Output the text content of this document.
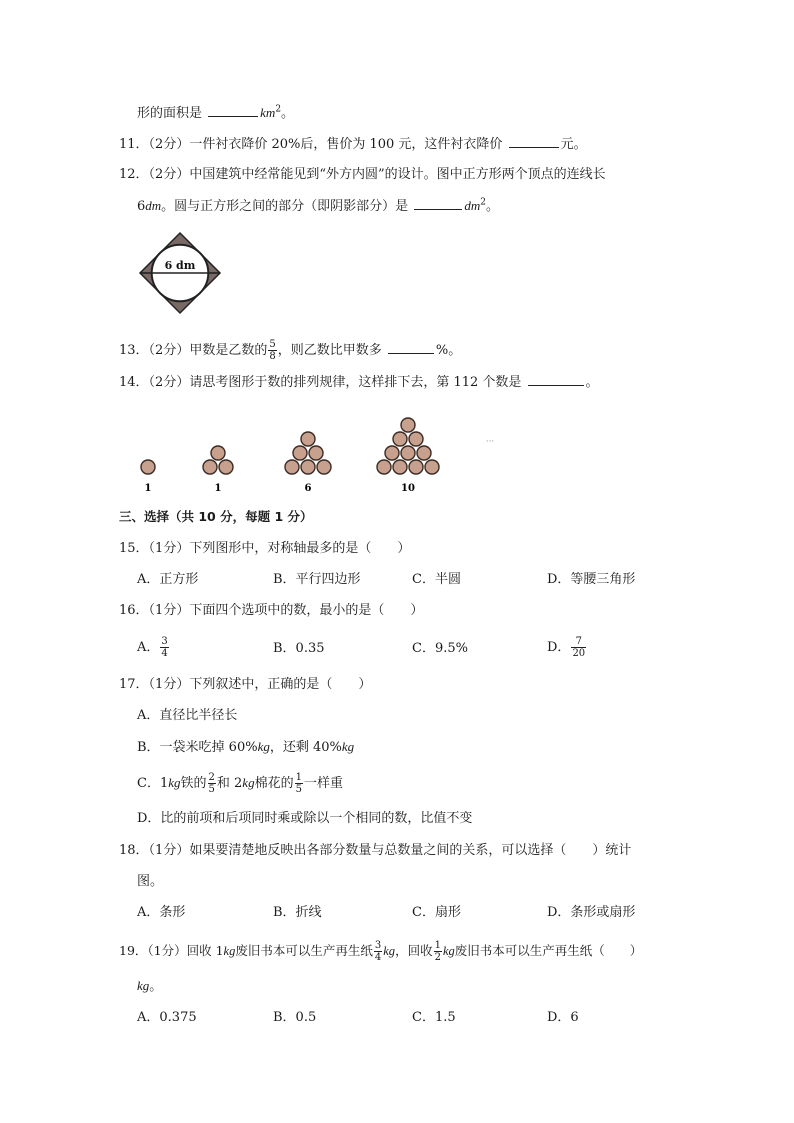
形的面积是	$km^2$。
11．（2分）一件衬衣降价 20%后，售价为 100 元，这件衬衣降价	元。
12．（2分）中国建筑中经常能见到“外方内圆”的设计。图中正方形两个顶点的连线长
6dm。圆与正方形之间的部分（即阴影部分）是	$dm^2$。
6 dm
13．（2分）甲数是乙数的 $\frac{5}{8}$ ，则乙数比甲数多	%。
14．（2分）请思考图形于数的排列规律，这样排下去，第 112 个数是	。
1	1	6	10
···
三、选择（共 10 分，每题 1 分）
15．（1分）下列图形中，对称轴最多的是（　　）
A．正方形	B．平行四边形	C．半圆	D．等腰三角形
16．（1分）下面四个选项中的数，最小的是（　　）
A． $\frac{3}{4}$	B．0.35	C．9.5%	D． $\frac{7}{20}$
17．（1分）下列叙述中，正确的是（　　）
A．直径比半径长
B．一袋米吃掉 60%kg，还剩 40%kg
C．1kg铁的 $\frac{2}{5}$ 和 2kg棉花的 $\frac{1}{5}$ 一样重
D．比的前项和后项同时乘或除以一个相同的数，比值不变
18．（1分）如果要清楚地反映出各部分数量与总数量之间的关系，可以选择（　　）统计
图。
A．条形	B．折线	C．扇形	D．条形或扇形
19．（1分）回收 1kg废旧书本可以生产再生纸 $\frac{3}{4}$ kg，回收 $\frac{1}{2}$ kg废旧书本可以生产再生纸（　　）
kg。
A．0.375	B．0.5	C．1.5	D．6
